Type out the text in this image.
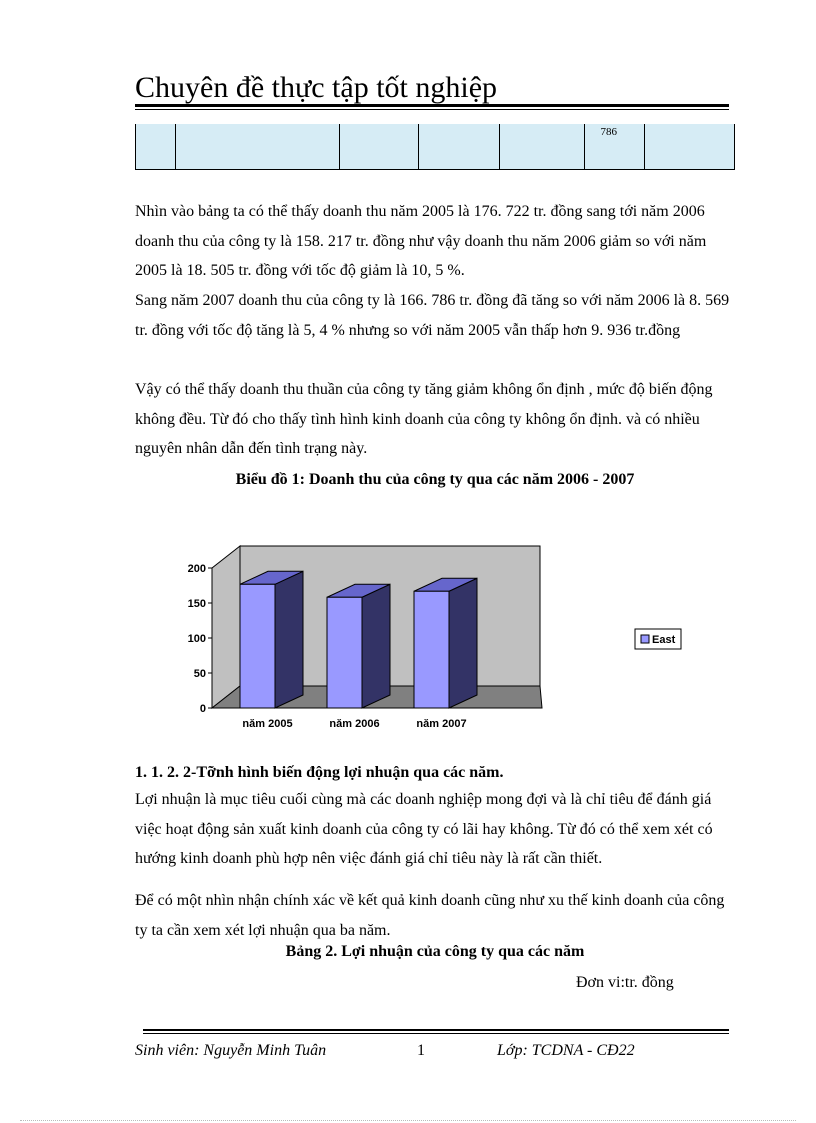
Chuyên đề thực tập tốt nghiệp
786

Nhìn vào bảng ta có thể thấy doanh thu năm 2005 là 176. 722 tr. đồng sang tới năm 2006 doanh thu của công ty là 158. 217 tr. đồng như vậy doanh thu năm 2006 giảm so với năm 2005 là 18. 505 tr. đồng với tốc độ giảm là 10, 5 %.

Sang năm 2007 doanh thu của công ty là 166. 786 tr. đồng đã tăng so với năm 2006 là 8. 569 tr. đồng với tốc độ tăng là 5, 4 % nhưng so với năm 2005 vẫn thấp hơn 9. 936 tr.đồng

Vậy có thể thấy doanh thu thuần của công ty tăng giảm không ổn định , mức độ biến động không đều. Từ đó cho thấy tình hình kinh doanh của công ty không ổn định. và có nhiều nguyên nhân dẫn đến tình trạng này.

Biểu đồ 1: Doanh thu của công ty qua các năm 2006 - 2007
0
50
100
150
200
năm 2005	năm 2006	năm 2007
East
1. 1. 2. 2-Tỡnh hình biến động lợi nhuận qua các năm.

Lợi nhuận là mục tiêu cuối cùng mà các doanh nghiệp mong đợi và là chỉ tiêu để đánh giá việc hoạt động sản xuất kinh doanh của công ty có lãi hay không. Từ đó có thể xem xét có hướng kinh doanh phù hợp nên việc đánh giá chỉ tiêu này là rất cần thiết.

Để có một nhìn nhận chính xác về kết quả kinh doanh cũng như xu thế kinh doanh của công ty ta cần xem xét lợi nhuận qua ba năm.

Bảng 2. Lợi nhuận của công ty qua các năm
Đơn vi:tr. đồng
Sinh viên: Nguyễn Minh Tuân	1	Lớp: TCDNA - CĐ22
